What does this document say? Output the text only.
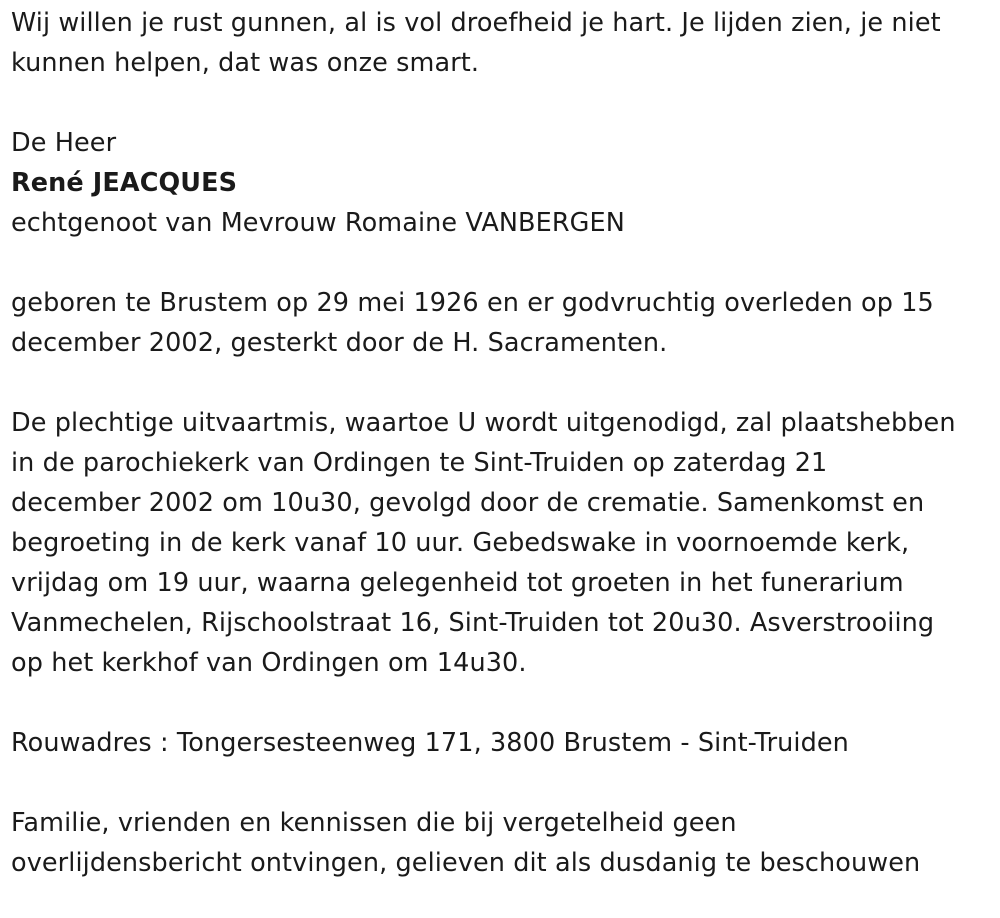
Wij willen je rust gunnen, al is vol droefheid je hart. Je lijden zien, je niet
kunnen helpen, dat was onze smart.

De Heer

René JEACQUES

echtgenoot van Mevrouw Romaine VANBERGEN

geboren te Brustem op 29 mei 1926 en er godvruchtig overleden op 15
december 2002, gesterkt door de H. Sacramenten.

De plechtige uitvaartmis, waartoe U wordt uitgenodigd, zal plaatshebben
in de parochiekerk van Ordingen te Sint-Truiden op zaterdag 21
december 2002 om 10u30, gevolgd door de crematie. Samenkomst en
begroeting in de kerk vanaf 10 uur. Gebedswake in voornoemde kerk,
vrijdag om 19 uur, waarna gelegenheid tot groeten in het funerarium
Vanmechelen, Rijschoolstraat 16, Sint-Truiden tot 20u30. Asverstrooiing
op het kerkhof van Ordingen om 14u30.

Rouwadres : Tongersesteenweg 171, 3800 Brustem - Sint-Truiden

Familie, vrienden en kennissen die bij vergetelheid geen
overlijdensbericht ontvingen, gelieven dit als dusdanig te beschouwen
